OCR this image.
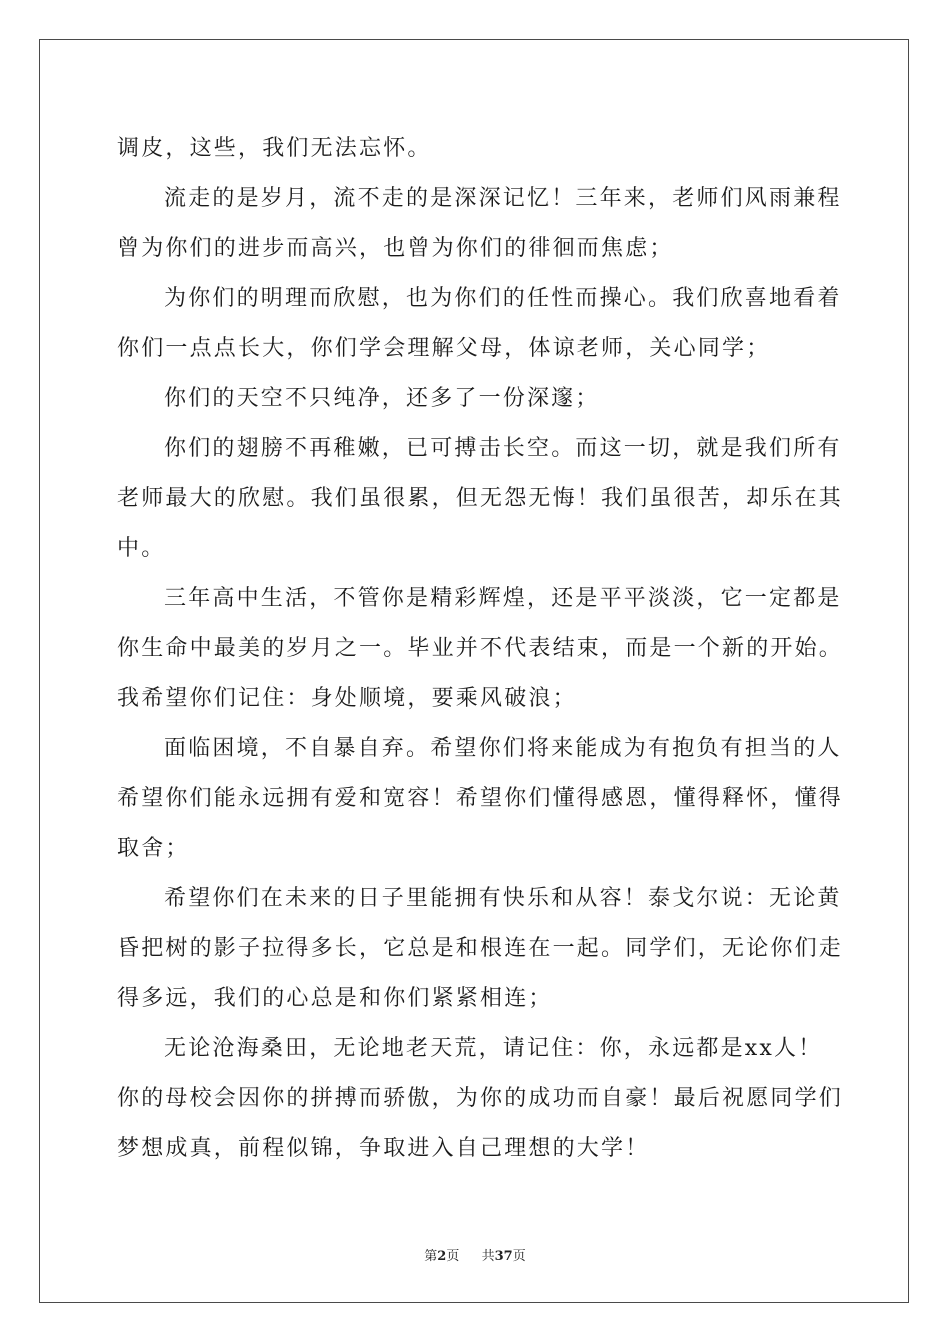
调皮，这些，我们无法忘怀。
流走的是岁月，流不走的是深深记忆！三年来，老师们风雨兼程
曾为你们的进步而高兴，也曾为你们的徘徊而焦虑；
为你们的明理而欣慰，也为你们的任性而操心。我们欣喜地看着
你们一点点长大，你们学会理解父母，体谅老师，关心同学；
你们的天空不只纯净，还多了一份深邃；
你们的翅膀不再稚嫩，已可搏击长空。而这一切，就是我们所有
老师最大的欣慰。我们虽很累，但无怨无悔！我们虽很苦，却乐在其
中。
三年高中生活，不管你是精彩辉煌，还是平平淡淡，它一定都是
你生命中最美的岁月之一。毕业并不代表结束，而是一个新的开始。
我希望你们记住：身处顺境，要乘风破浪；
面临困境，不自暴自弃。希望你们将来能成为有抱负有担当的人
希望你们能永远拥有爱和宽容！希望你们懂得感恩，懂得释怀，懂得
取舍；
希望你们在未来的日子里能拥有快乐和从容！泰戈尔说：无论黄
昏把树的影子拉得多长，它总是和根连在一起。同学们，无论你们走
得多远，我们的心总是和你们紧紧相连；
无论沧海桑田，无论地老天荒，请记住：你，永远都是xx人！
你的母校会因你的拼搏而骄傲，为你的成功而自豪！最后祝愿同学们
梦想成真，前程似锦，争取进入自己理想的大学！
第2页 共37页
